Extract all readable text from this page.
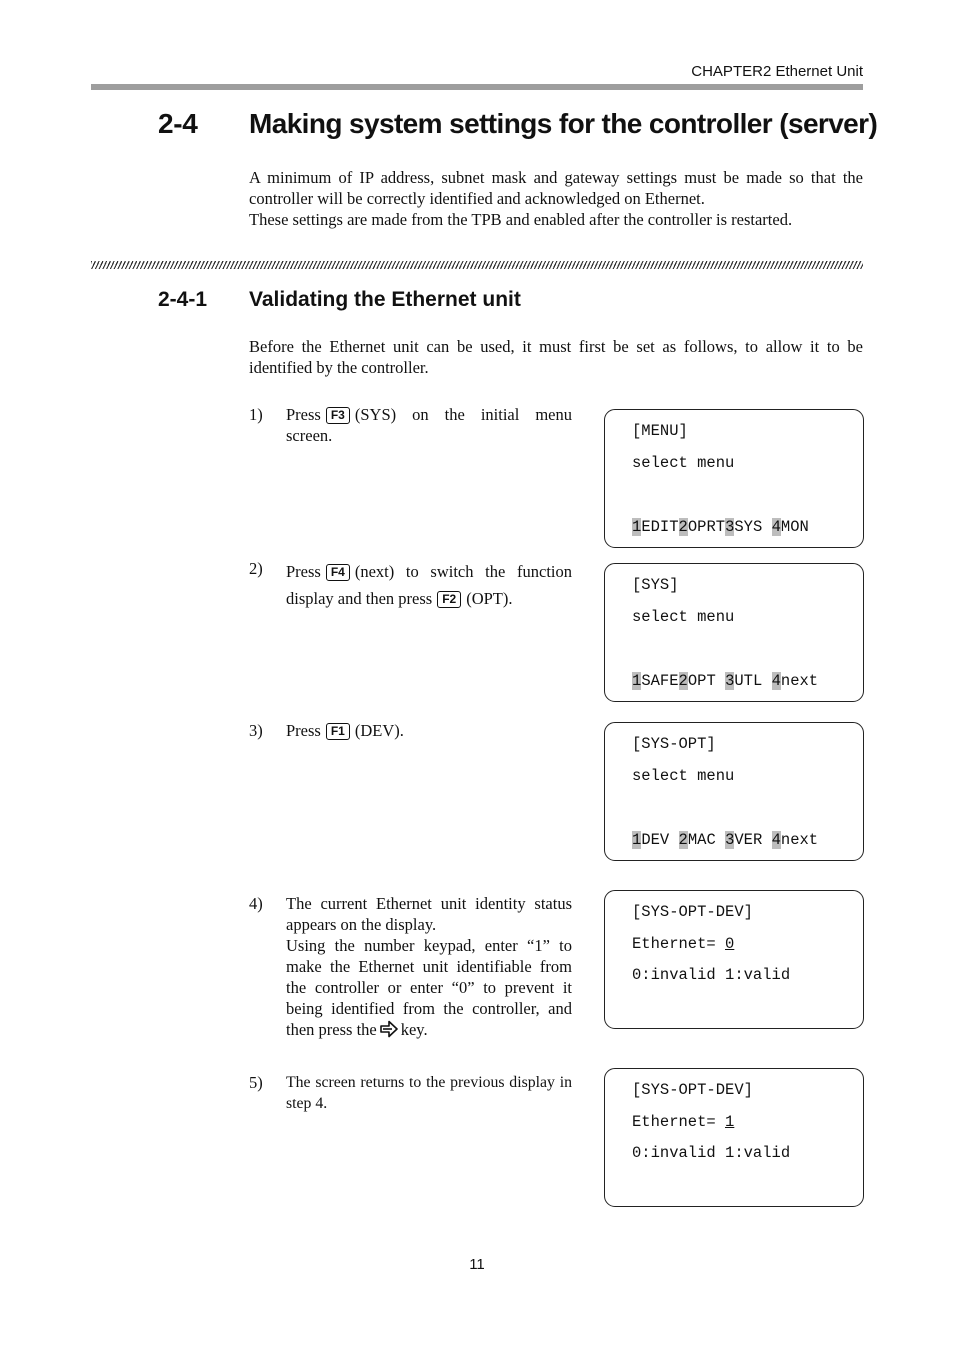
CHAPTER2 Ethernet Unit
2-4 Making system settings for the controller (server)

A minimum of IP address, subnet mask and gateway settings must be made so that the controller will be correctly identified and acknowledged on Ethernet.

These settings are made from the TPB and enabled after the controller is restarted.

2-4-1 Validating the Ethernet unit
Before the Ethernet unit can be used, it must first be set as follows, to allow it to be identified by the controller.
1) Press F3 (SYS) on the initial menu screen.
2) Press F4 (next) to switch the function display and then press F2 (OPT).
3) Press F1 (DEV).
4) The current Ethernet unit identity status appears on the display.

Using the number keypad, enter “1” to make the Ethernet unit identifiable from the controller or enter “0” to prevent it being identified from the controller, and then press the key.

5) The screen returns to the previous display in step 4.
[MENU]
select menu
1EDIT2OPRT3SYS 4MON
[SYS]
select menu
1SAFE2OPT 3UTL 4next
[SYS-OPT]
select menu
1DEV 2MAC 3VER 4next
[SYS-OPT-DEV]
Ethernet= 0
0:invalid 1:valid
[SYS-OPT-DEV]
Ethernet= 1
0:invalid 1:valid
11
